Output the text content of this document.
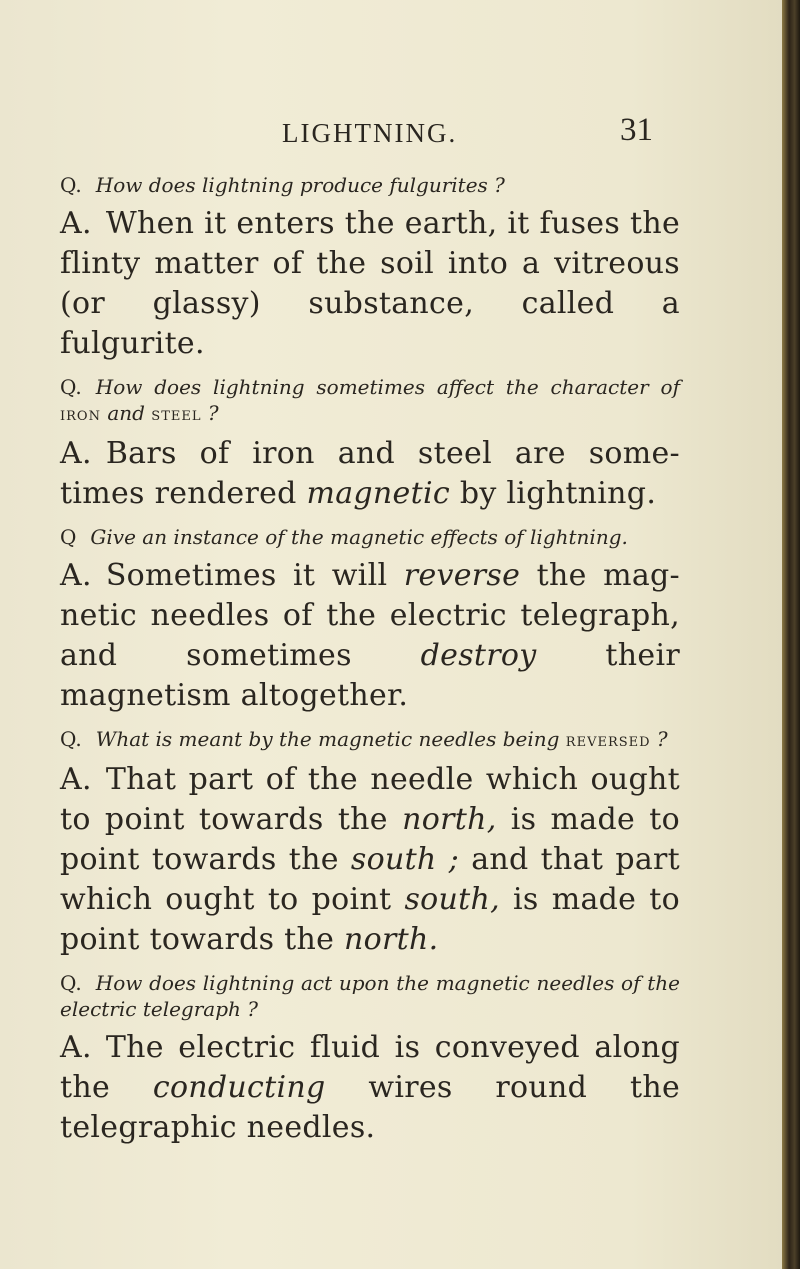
LIGHTNING.	31

Q. How does lightning produce fulgurites ?

A. When it enters the earth, it fuses the flinty matter of the soil into a vitreous (or glassy) substance, called a fulgurite.

Q. How does lightning sometimes affect the character of iron and steel ?

A. Bars of iron and steel are some-times rendered magnetic by lightning.

Q Give an instance of the magnetic effects of lightning.

A. Sometimes it will reverse the mag-netic needles of the electric telegraph, and sometimes destroy their magnetism altogether.

Q. What is meant by the magnetic needles being reversed ?

A. That part of the needle which ought to point towards the north, is made to point towards the south ; and that part which ought to point south, is made to point towards the north.

Q. How does lightning act upon the magnetic needles of the electric telegraph ?

A. The electric fluid is conveyed along the conducting wires round the telegraphic needles.
